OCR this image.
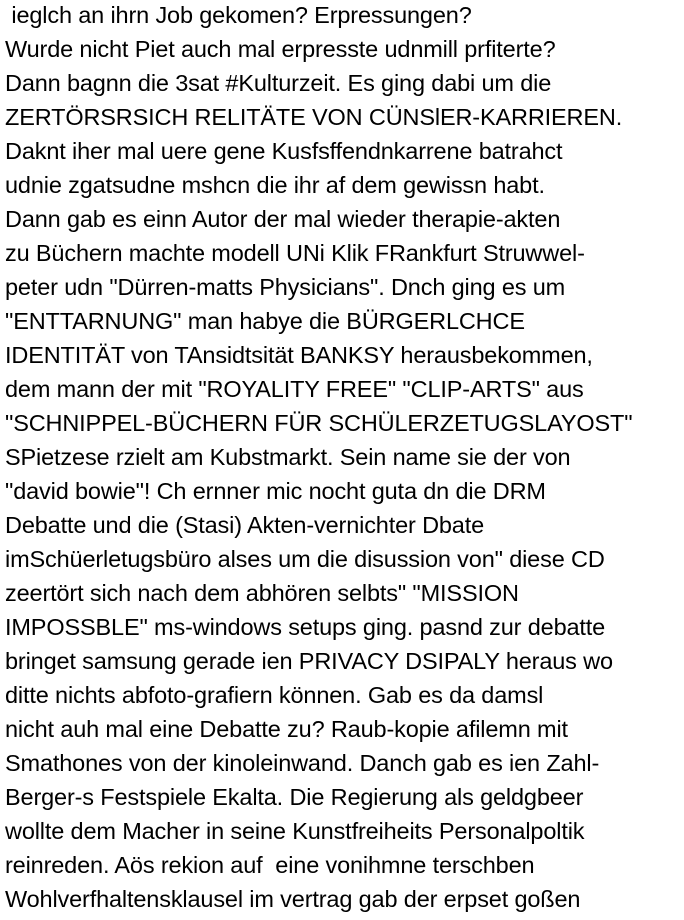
ieglch an ihrn Job gekomen? Erpressungen?
Wurde nicht Piet auch mal erpresste udnmill prfiterte?
Dann bagnn die 3sat #Kulturzeit. Es ging dabi um die
ZERTÖRSRSICH RELITÄTE VON CÜNSlER-KARRIEREN.
Daknt iher mal uere gene Kusfsffendnkarrene batrahct
udnie zgatsudne mshcn die ihr af dem gewissn habt.
Dann gab es einn Autor der mal wieder therapie-akten
zu Büchern machte modell UNi Klik FRankfurt Struwwel-
peter udn "Dürren-matts Physicians". Dnch ging es um
"ENTTARNUNG" man habye die BÜRGERLCHCE
IDENTITÄT von TAnsidtsität BANKSY herausbekommen,
dem mann der mit "ROYALITY FREE" "CLIP-ARTS" aus
"SCHNIPPEL-BÜCHERN FÜR SCHÜLERZETUGSLAYOST"
SPietzese rzielt am Kubstmarkt. Sein name sie der von
"david bowie"! Ch ernner mic nocht guta dn die DRM
Debatte und die (Stasi) Akten-vernichter Dbate
imSchüerletugsbüro alses um die disussion von" diese CD
zeertört sich nach dem abhören selbts" "MISSION
IMPOSSBLE" ms-windows setups ging. pasnd zur debatte
bringet samsung gerade ien PRIVACY DSIPALY heraus wo
ditte nichts abfoto-grafiern können. Gab es da damsl
nicht auh mal eine Debatte zu? Raub-kopie afilemn mit
Smathones von der kinoleinwand. Danch gab es ien Zahl-
Berger-s Festspiele Ekalta. Die Regierung als geldgbeer
wollte dem Macher in seine Kunstfreiheits Personalpoltik
reinreden. Aös rekion auf  eine vonihmne terschben
Wohlverfhaltensklausel im vertrag gab der erpset goßen
